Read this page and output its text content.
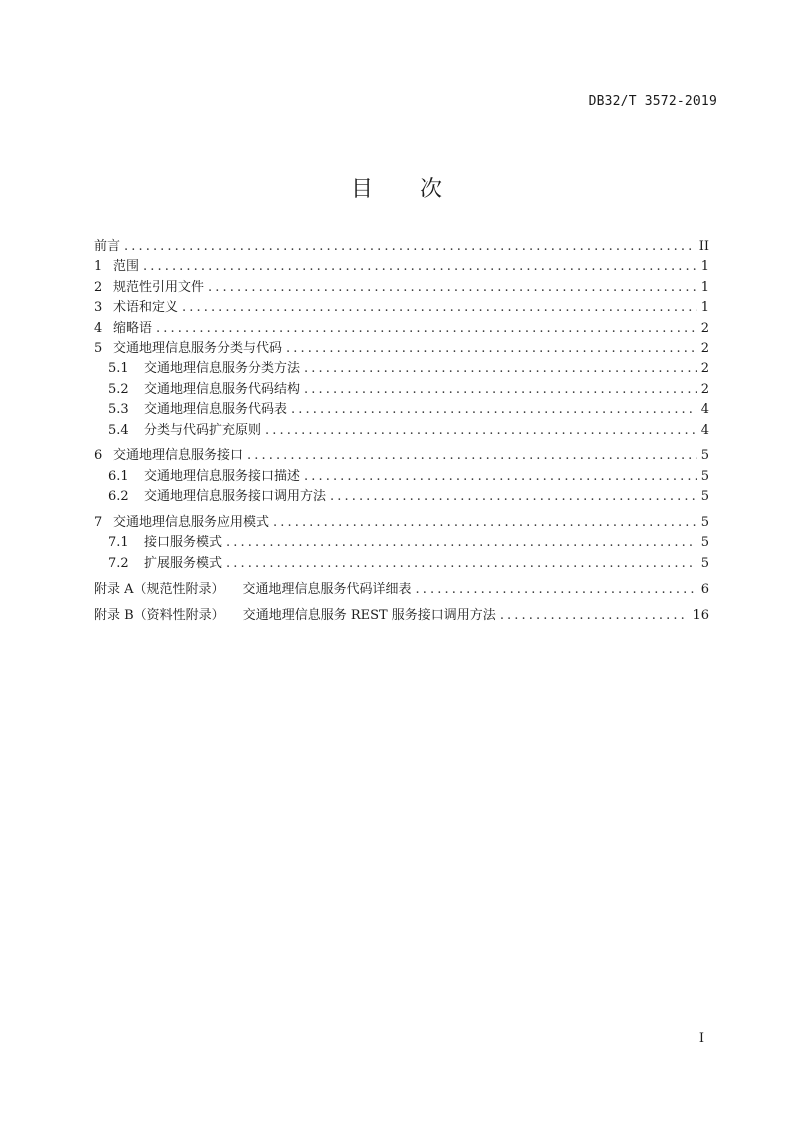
DB32/T 3572-2019
目 次
前言 .....	II
1 范围 .....	1
2 规范性引用文件 .....	1
3 术语和定义 .....	1
4 缩略语 .....	2
5 交通地理信息服务分类与代码 .....	2
5.1	交通地理信息服务分类方法 .....	2
5.2	交通地理信息服务代码结构 .....	2
5.3	交通地理信息服务代码表 .....	4
5.4	分类与代码扩充原则 .....	4
6 交通地理信息服务接口 .....	5
6.1	交通地理信息服务接口描述 .....	5
6.2	交通地理信息服务接口调用方法 .....	5
7 交通地理信息服务应用模式 .....	5
7.1	接口服务模式 .....	5
7.2	扩展服务模式 .....	5
附录 A（规范性附录）	交通地理信息服务代码详细表 .....	6
附录 B（资料性附录）	交通地理信息服务 REST 服务接口调用方法 .....	16
I
